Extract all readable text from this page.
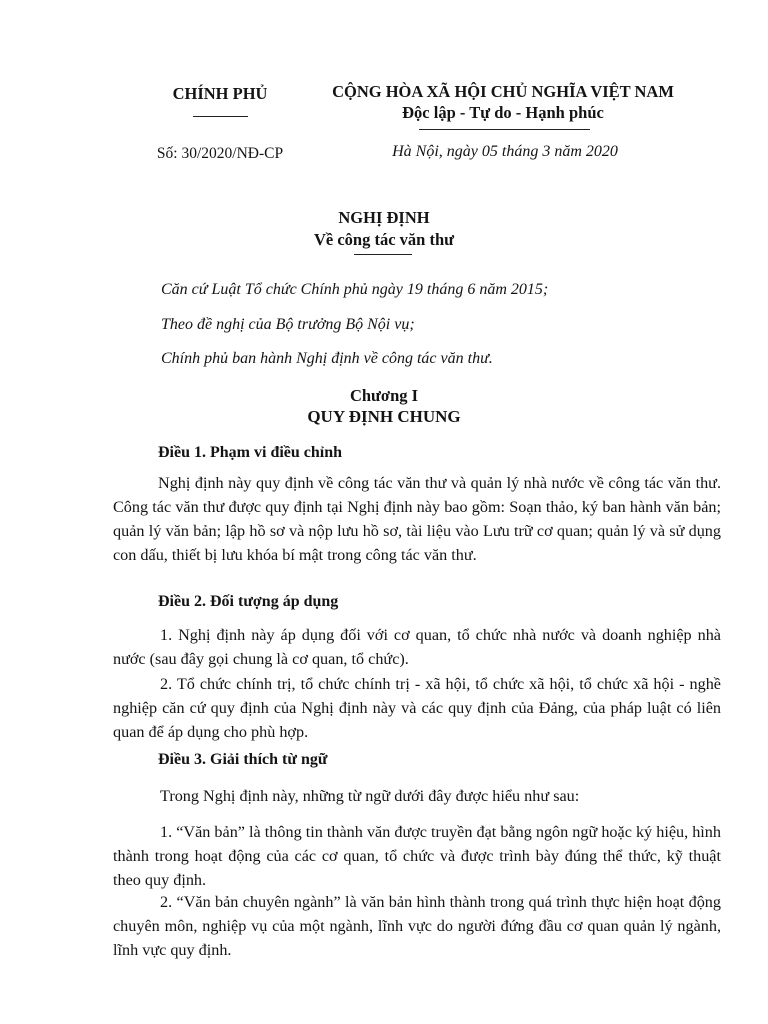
CHÍNH PHỦ
Số: 30/2020/NĐ-CP
CỘNG HÒA XÃ HỘI CHỦ NGHĨA VIỆT NAM
Độc lập - Tự do - Hạnh phúc
Hà Nội, ngày 05 tháng 3 năm 2020
NGHỊ ĐỊNH
Về công tác văn thư
Căn cứ Luật Tổ chức Chính phủ ngày 19 tháng 6 năm 2015;
Theo đề nghị của Bộ trưởng Bộ Nội vụ;
Chính phủ ban hành Nghị định về công tác văn thư.
Chương I
QUY ĐỊNH CHUNG
Điều 1. Phạm vi điều chỉnh
Nghị định này quy định về công tác văn thư và quản lý nhà nước về công tác văn thư. Công tác văn thư được quy định tại Nghị định này bao gồm: Soạn thảo, ký ban hành văn bản; quản lý văn bản; lập hồ sơ và nộp lưu hồ sơ, tài liệu vào Lưu trữ cơ quan; quản lý và sử dụng con dấu, thiết bị lưu khóa bí mật trong công tác văn thư.
Điều 2. Đối tượng áp dụng
1. Nghị định này áp dụng đối với cơ quan, tổ chức nhà nước và doanh nghiệp nhà nước (sau đây gọi chung là cơ quan, tổ chức).
2. Tổ chức chính trị, tổ chức chính trị - xã hội, tổ chức xã hội, tổ chức xã hội - nghề nghiệp căn cứ quy định của Nghị định này và các quy định của Đảng, của pháp luật có liên quan để áp dụng cho phù hợp.
Điều 3. Giải thích từ ngữ
Trong Nghị định này, những từ ngữ dưới đây được hiểu như sau:
1. “Văn bản” là thông tin thành văn được truyền đạt bằng ngôn ngữ hoặc ký hiệu, hình thành trong hoạt động của các cơ quan, tổ chức và được trình bày đúng thể thức, kỹ thuật theo quy định.
2. “Văn bản chuyên ngành” là văn bản hình thành trong quá trình thực hiện hoạt động chuyên môn, nghiệp vụ của một ngành, lĩnh vực do người đứng đầu cơ quan quản lý ngành, lĩnh vực quy định.
